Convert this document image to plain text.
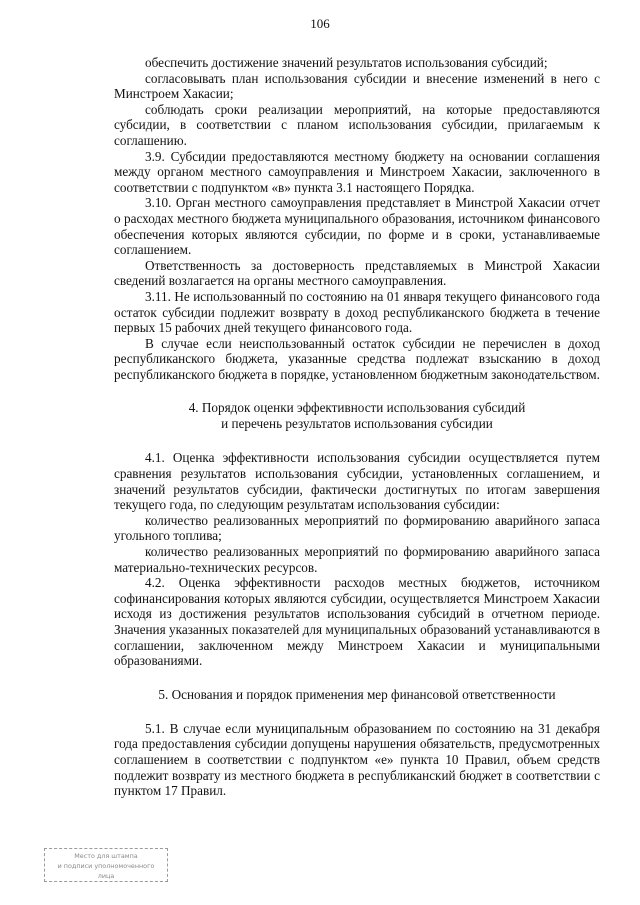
106

обеспечить достижение значений результатов использования субсидий;

согласовывать план использования субсидии и внесение изменений в него с Минстроем Хакасии;

соблюдать сроки реализации мероприятий, на которые предоставляются субсидии, в соответствии с планом использования субсидии, прилагаемым к соглашению.

3.9. Субсидии предоставляются местному бюджету на основании соглашения между органом местного самоуправления и Минстроем Хакасии, заключенного в соответствии с подпунктом «в» пункта 3.1 настоящего Порядка.

3.10. Орган местного самоуправления представляет в Минстрой Хакасии отчет о расходах местного бюджета муниципального образования, источником финансового обеспечения которых являются субсидии, по форме и в сроки, устанавливаемые соглашением.

Ответственность за достоверность представляемых в Минстрой Хакасии сведений возлагается на органы местного самоуправления.

3.11. Не использованный по состоянию на 01 января текущего финансового года остаток субсидии подлежит возврату в доход республиканского бюджета в течение первых 15 рабочих дней текущего финансового года.

В случае если неиспользованный остаток субсидии не перечислен в доход республиканского бюджета, указанные средства подлежат взысканию в доход республиканского бюджета в порядке, установленном бюджетным законодательством.

4. Порядок оценки эффективности использования субсидий

и перечень результатов использования субсидии

4.1. Оценка эффективности использования субсидии осуществляется путем сравнения результатов использования субсидии, установленных соглашением, и значений результатов субсидии, фактически достигнутых по итогам завершения текущего года, по следующим результатам использования субсидии:

количество реализованных мероприятий по формированию аварийного запаса угольного топлива;

количество реализованных мероприятий по формированию аварийного запаса материально-технических ресурсов.

4.2. Оценка эффективности расходов местных бюджетов, источником софинансирования которых являются субсидии, осуществляется Минстроем Хакасии исходя из достижения результатов использования субсидий в отчетном периоде. Значения указанных показателей для муниципальных образований устанавливаются в соглашении, заключенном между Минстроем Хакасии и муниципальными образованиями.

5. Основания и порядок применения мер финансовой ответственности

5.1. В случае если муниципальным образованием по состоянию на 31 декабря года предоставления субсидии допущены нарушения обязательств, предусмотренных соглашением в соответствии с подпунктом «е» пункта 10 Правил, объем средств подлежит возврату из местного бюджета в республиканский бюджет в соответствии с пунктом 17 Правил.

Место для штампа
и подписи уполномоченного
лица
